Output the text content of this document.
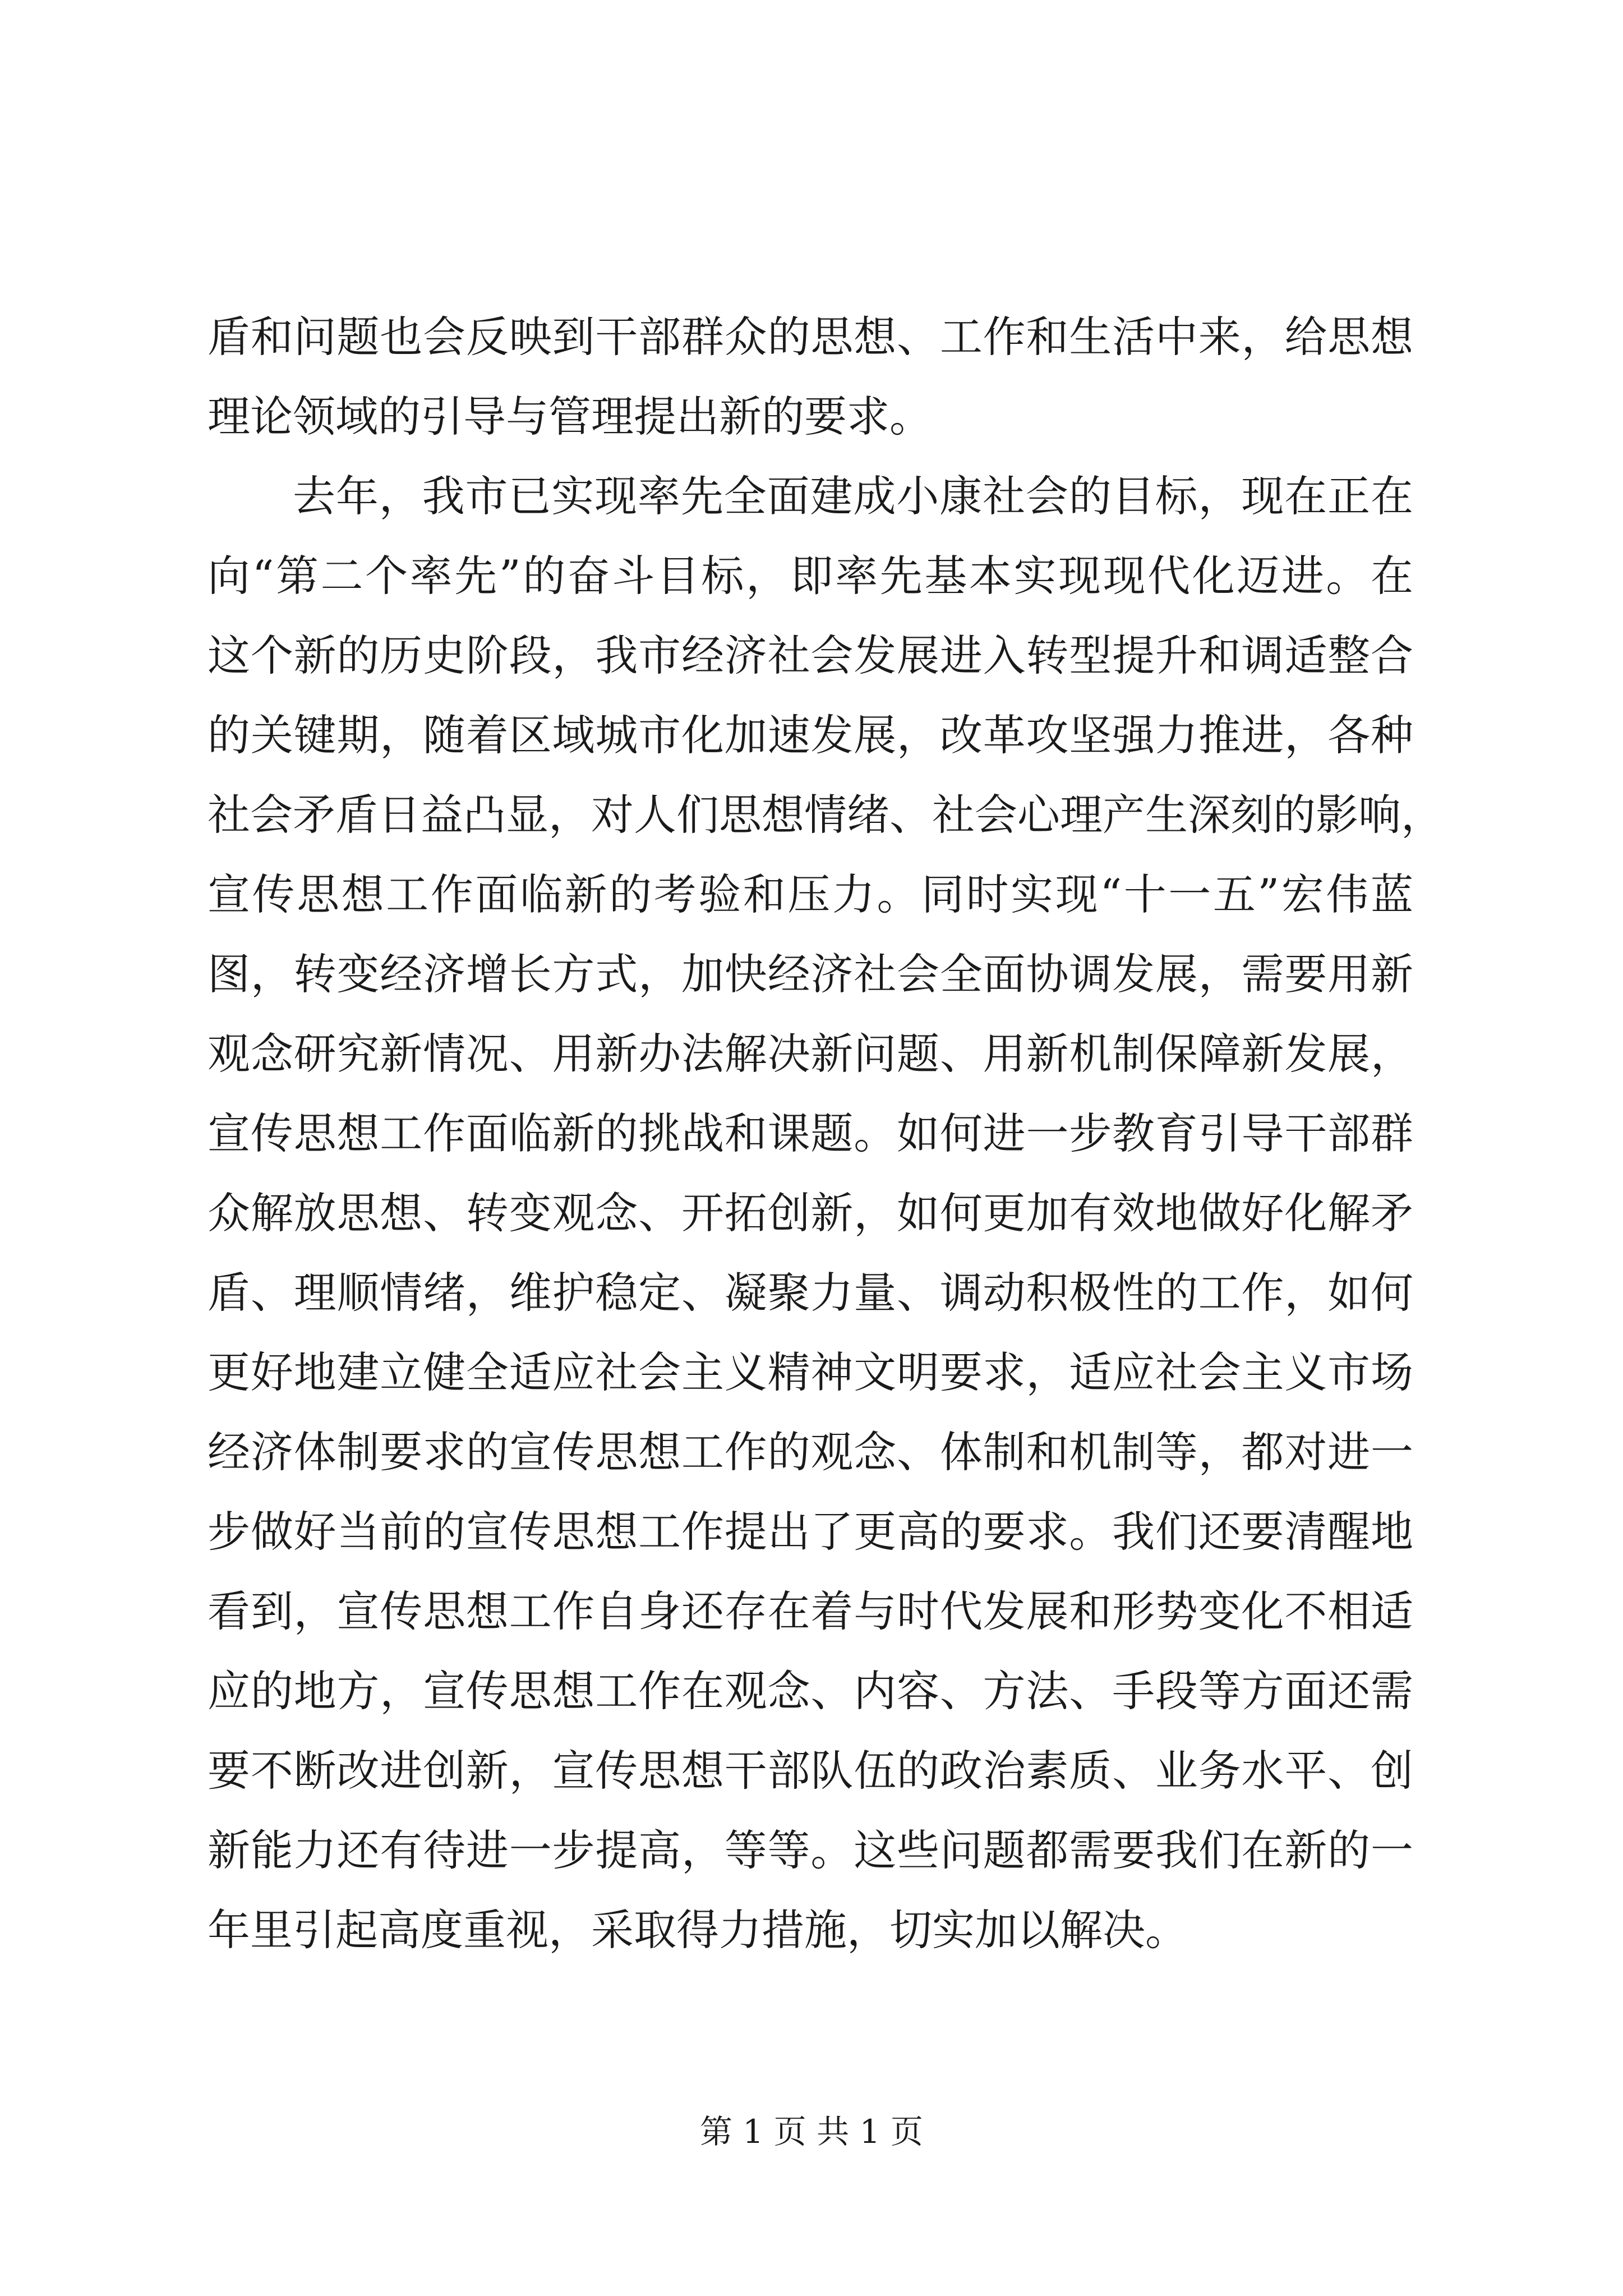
盾和问题也会反映到干部群众的思想、工作和生活中来，给思想
理论领域的引导与管理提出新的要求。
去年，我市已实现率先全面建成小康社会的目标，现在正在
向“第二个率先”的奋斗目标，即率先基本实现现代化迈进。在
这个新的历史阶段，我市经济社会发展进入转型提升和调适整合
的关键期，随着区域城市化加速发展，改革攻坚强力推进，各种
社会矛盾日益凸显，对人们思想情绪、社会心理产生深刻的影响，
宣传思想工作面临新的考验和压力。同时实现“十一五”宏伟蓝
图，转变经济增长方式，加快经济社会全面协调发展，需要用新
观念研究新情况、用新办法解决新问题、用新机制保障新发展，
宣传思想工作面临新的挑战和课题。如何进一步教育引导干部群
众解放思想、转变观念、开拓创新，如何更加有效地做好化解矛
盾、理顺情绪，维护稳定、凝聚力量、调动积极性的工作，如何
更好地建立健全适应社会主义精神文明要求，适应社会主义市场
经济体制要求的宣传思想工作的观念、体制和机制等，都对进一
步做好当前的宣传思想工作提出了更高的要求。我们还要清醒地
看到，宣传思想工作自身还存在着与时代发展和形势变化不相适
应的地方，宣传思想工作在观念、内容、方法、手段等方面还需
要不断改进创新，宣传思想干部队伍的政治素质、业务水平、创
新能力还有待进一步提高，等等。这些问题都需要我们在新的一
年里引起高度重视，采取得力措施，切实加以解决。
第 1 页 共 1 页
